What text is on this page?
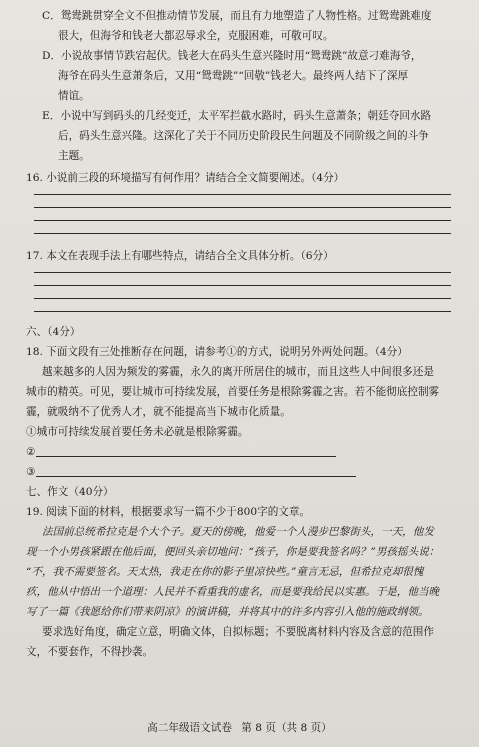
C．鸳鸯跳贯穿全文不但推动情节发展，而且有力地塑造了人物性格。过鸳鸯跳难度
很大，但海爷和钱老大都忍辱求全，克服困难，可敬可叹。
D．小说故事情节跌宕起伏。钱老大在码头生意兴隆时用“鸳鸯跳”故意刁难海爷，
海爷在码头生意萧条后，又用“鸳鸯跳”“回敬”钱老大。最终两人结下了深厚
情谊。
E．小说中写到码头的几经变迁，太平军拦截水路时，码头生意萧条；朝廷夺回水路
后，码头生意兴隆。这深化了关于不同历史阶段民生问题及不同阶级之间的斗争
主题。
16. 小说前三段的环境描写有何作用？请结合全文简要阐述。（4分）
17. 本文在表现手法上有哪些特点，请结合全文具体分析。（6分）
六、（4分）
18. 下面文段有三处推断存在问题，请参考①的方式，说明另外两处问题。（4分）
越来越多的人因为频发的雾霾，永久的离开所居住的城市，而且这些人中间很多还是
城市的精英。可见，要让城市可持续发展，首要任务是根除雾霾之害。若不能彻底控制雾
霾，就吸纳不了优秀人才，就不能提高当下城市化质量。
①城市可持续发展首要任务未必就是根除雾霾。
②
③
七、作文（40分）
19. 阅读下面的材料，根据要求写一篇不少于800字的文章。
法国前总统希拉克是个大个子。夏天的傍晚，他爱一个人漫步巴黎街头，一天，他发
现一个小男孩紧跟在他后面，便回头亲切地问：“孩子，你是要我签名吗？”男孩摇头说：
“不，我不需要签名。天太热，我走在你的影子里凉快些。”童言无忌，但希拉克却很愧
疚，他从中悟出一个道理：人民并不看重我的虚名，而是要我给民以实惠。于是，他当晚
写了一篇《我愿给你们带来阴凉》的演讲稿，并将其中的许多内容引入他的施政纲领。
要求选好角度，确定立意，明确文体，自拟标题；不要脱离材料内容及含意的范围作
文，不要套作，不得抄袭。
高二年级语文试卷 第 8 页（共 8 页）
